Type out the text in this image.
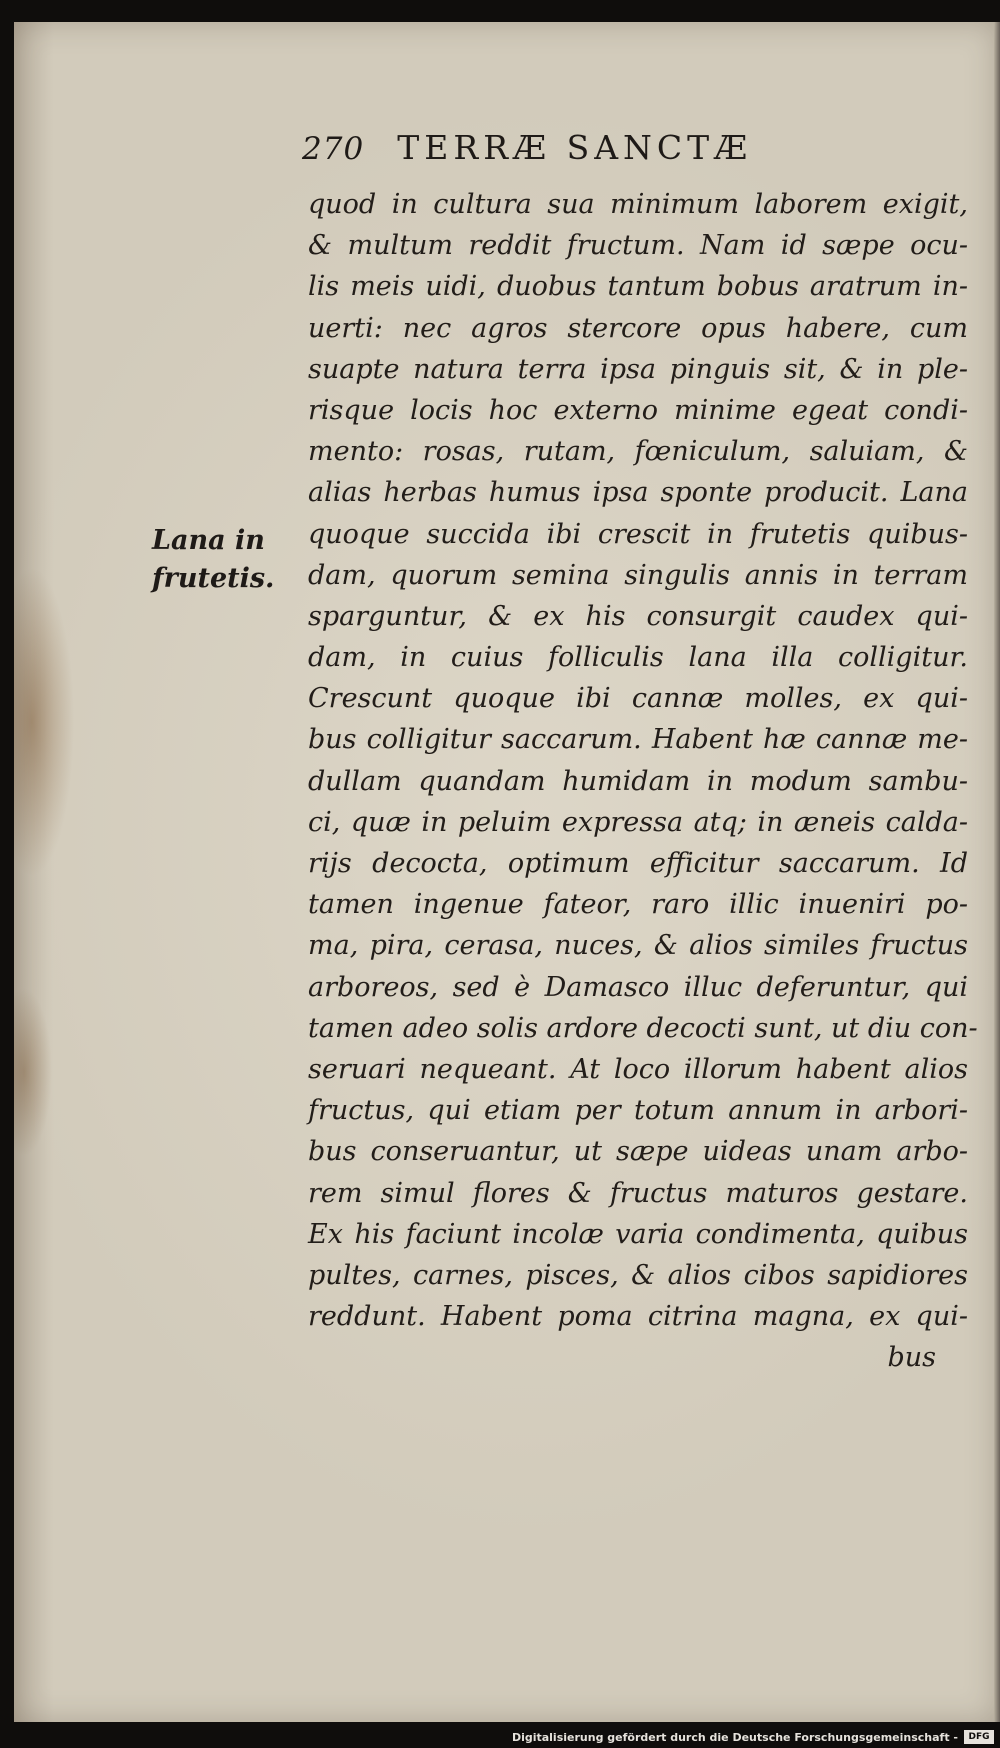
270 TERRÆ SANCTÆ
Lana in
frutetis.
quod in cultura sua minimum laborem exigit,
& multum reddit fructum. Nam id sæpe ocu-
lis meis uidi, duobus tantum bobus aratrum in-
uerti: nec agros stercore opus habere, cum
suapte natura terra ipsa pinguis sit, & in ple-
risque locis hoc externo minime egeat condi-
mento: rosas, rutam, fœniculum, saluiam, &
alias herbas humus ipsa sponte producit. Lana
quoque succida ibi crescit in frutetis quibus-
dam, quorum semina singulis annis in terram
sparguntur, & ex his consurgit caudex qui-
dam, in cuius folliculis lana illa colligitur.
Crescunt quoque ibi cannæ molles, ex qui-
bus colligitur saccarum. Habent hæ cannæ me-
dullam quandam humidam in modum sambu-
ci, quæ in peluim expressa atq; in æneis calda-
rijs decocta, optimum efficitur saccarum. Id
tamen ingenue fateor, raro illic inueniri po-
ma, pira, cerasa, nuces, & alios similes fructus
arboreos, sed è Damasco illuc deferuntur, qui
tamen adeo solis ardore decocti sunt, ut diu con-
seruari nequeant. At loco illorum habent alios
fructus, qui etiam per totum annum in arbori-
bus conseruantur, ut sæpe uideas unam arbo-
rem simul flores & fructus maturos gestare.
Ex his faciunt incolæ varia condimenta, quibus
pultes, carnes, pisces, & alios cibos sapidiores
reddunt. Habent poma citrina magna, ex qui-
bus
Digitalisierung gefördert durch die Deutsche Forschungsgemeinschaft -	DFG
